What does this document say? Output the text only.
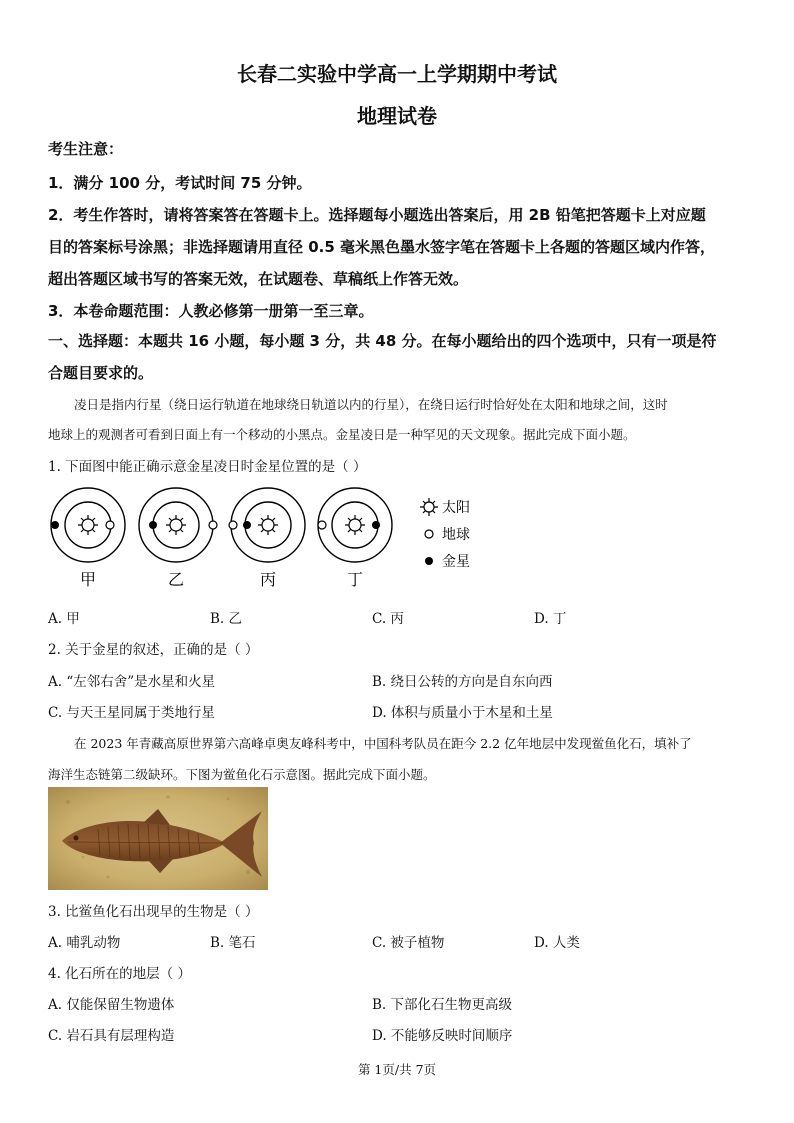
长春二实验中学高一上学期期中考试
地理试卷
考生注意：
1．满分 100 分，考试时间 75 分钟。
2．考生作答时，请将答案答在答题卡上。选择题每小题选出答案后，用 2B 铅笔把答题卡上对应题
目的答案标号涂黑；非选择题请用直径 0.5 毫米黑色墨水签字笔在答题卡上各题的答题区域内作答，
超出答题区域书写的答案无效，在试题卷、草稿纸上作答无效。
3．本卷命题范围：人教必修第一册第一至三章。
一、选择题：本题共 16 小题，每小题 3 分，共 48 分。在每小题给出的四个选项中，只有一项是符
合题目要求的。
凌日是指内行星（绕日运行轨道在地球绕日轨道以内的行星），在绕日运行时恰好处在太阳和地球之间，这时
地球上的观测者可看到日面上有一个移动的小黑点。金星凌日是一种罕见的天文现象。据此完成下面小题。
1. 下面图中能正确示意金星凌日时金星位置的是（ ）
甲	乙	丙	丁
太阳
地球
金星
A. 甲	B. 乙	C. 丙	D. 丁
2. 关于金星的叙述，正确的是（ ）
A. “左邻右舍”是水星和火星	B. 绕日公转的方向是自东向西
C. 与天王星同属于类地行星	D. 体积与质量小于木星和土星
在 2023 年青藏高原世界第六高峰卓奥友峰科考中，中国科考队员在距今 2.2 亿年地层中发现鲎鱼化石，填补了
海洋生态链第二级缺环。下图为鲎鱼化石示意图。据此完成下面小题。
3. 比鲎鱼化石出现早的生物是（ ）
A. 哺乳动物	B. 笔石	C. 被子植物	D. 人类
4. 化石所在的地层（ ）
A. 仅能保留生物遗体	B. 下部化石生物更高级
C. 岩石具有层理构造	D. 不能够反映时间顺序
第 1页/共 7页
